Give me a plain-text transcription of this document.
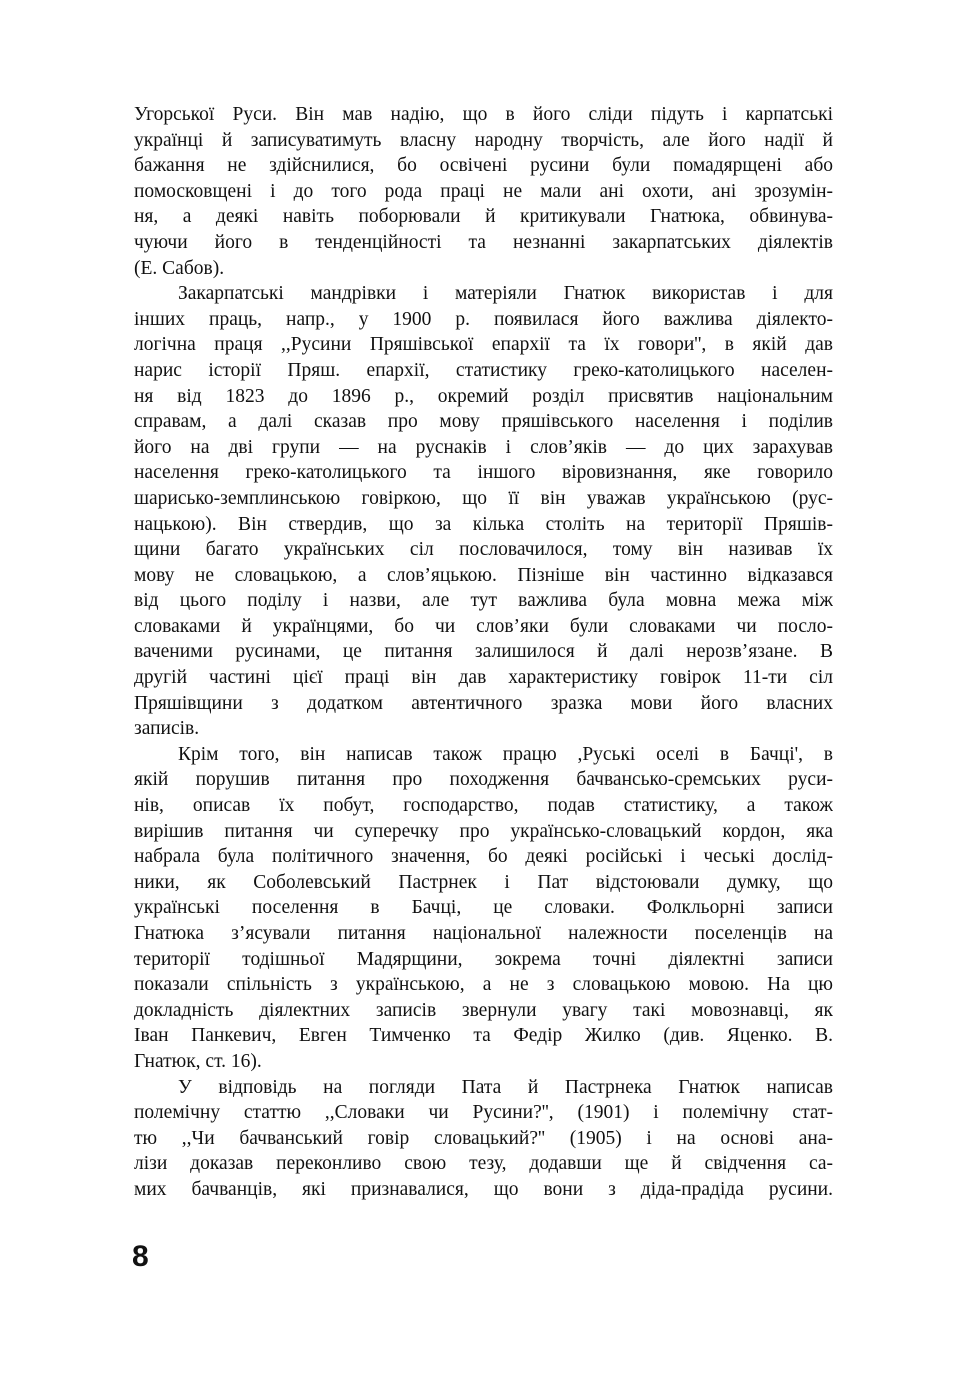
Угорської Руси. Він мав надію, що в його сліди підуть і карпатські
українці й записуватимуть власну народну творчість, але його надії й
бажання не здійснилися, бо освічені русини були помадярщені або
помосковщені і до того рода праці не мали ані охоти, ані зрозумін-
ня, а деякі навіть поборювали й критикували Гнатюка, обвинува-
чуючи його в тенденційності та незнанні закарпатських діялектів
(Е. Сабов).
Закарпатські мандрівки і матеріяли Гнатюк використав і для
інших праць, напр., у 1900 р. появилася його важлива діялекто-
логічна праця ,,Русини Пряшівської епархії та їх говори'', в якій дав
нарис історії Пряш. епархії, статистику греко-католицького населен-
ня від 1823 до 1896 р., окремий розділ присвятив національним
справам, а далі сказав про мову пряшівського населення і поділив
його на дві групи — на руснаків і слов’яків — до цих зарахував
населення греко-католицького та іншого віровизнання, яке говорило
шарисько-земплинською говіркою, що її він уважав українською (рус-
нацькою). Він ствердив, що за кілька століть на території Пряшів-
щини багато українських сіл пословачилося, тому він називав їх
мову не словацькою, а слов’яцькою. Пізніше він частинно відказався
від цього поділу і назви, але тут важлива була мовна межа між
словаками й українцями, бо чи слов’яки були словаками чи посло-
ваченими русинами, це питання залишилося й далі нерозв’язане. В
другій частині цієї праці він дав характеристику говірок 11-ти сіл
Пряшівщини з додатком автентичного зразка мови його власних
записів.
Крім того, він написав також працю ,Руські оселі в Бачці', в
якій порушив питання про походження бачвансько-сремських руси-
нів, описав їх побут, господарство, подав статистику, а також
вирішив питання чи суперечку про українсько-словацький кордон, яка
набрала була політичного значення, бо деякі російські і чеські дослід-
ники, як Соболевський Пастрнек і Пат відстоювали думку, що
українські поселення в Бачці, це словаки. Фолкльорні записи
Гнатюка з’ясували питання національної належности поселенців на
території тодішньої Мадярщини, зокрема точні діялектні записи
показали спільність з українською, а не з словацькою мовою. На цю
докладність діялектних записів звернули увагу такі мовознавці, як
Іван Панкевич, Евген Тимченко та Федір Жилко (див. Яценко. В.
Гнатюк, ст. 16).
У відповідь на погляди Пата й Пастрнека Гнатюк написав
полемічну статтю ,,Словаки чи Русини?'', (1901) і полемічну стат-
тю ,,Чи бачванський говір словацький?'' (1905) і на основі ана-
лізи доказав переконливо свою тезу, додавши ще й свідчення са-
мих бачванців, які признавалися, що вони з діда-прадіда русини.
8
